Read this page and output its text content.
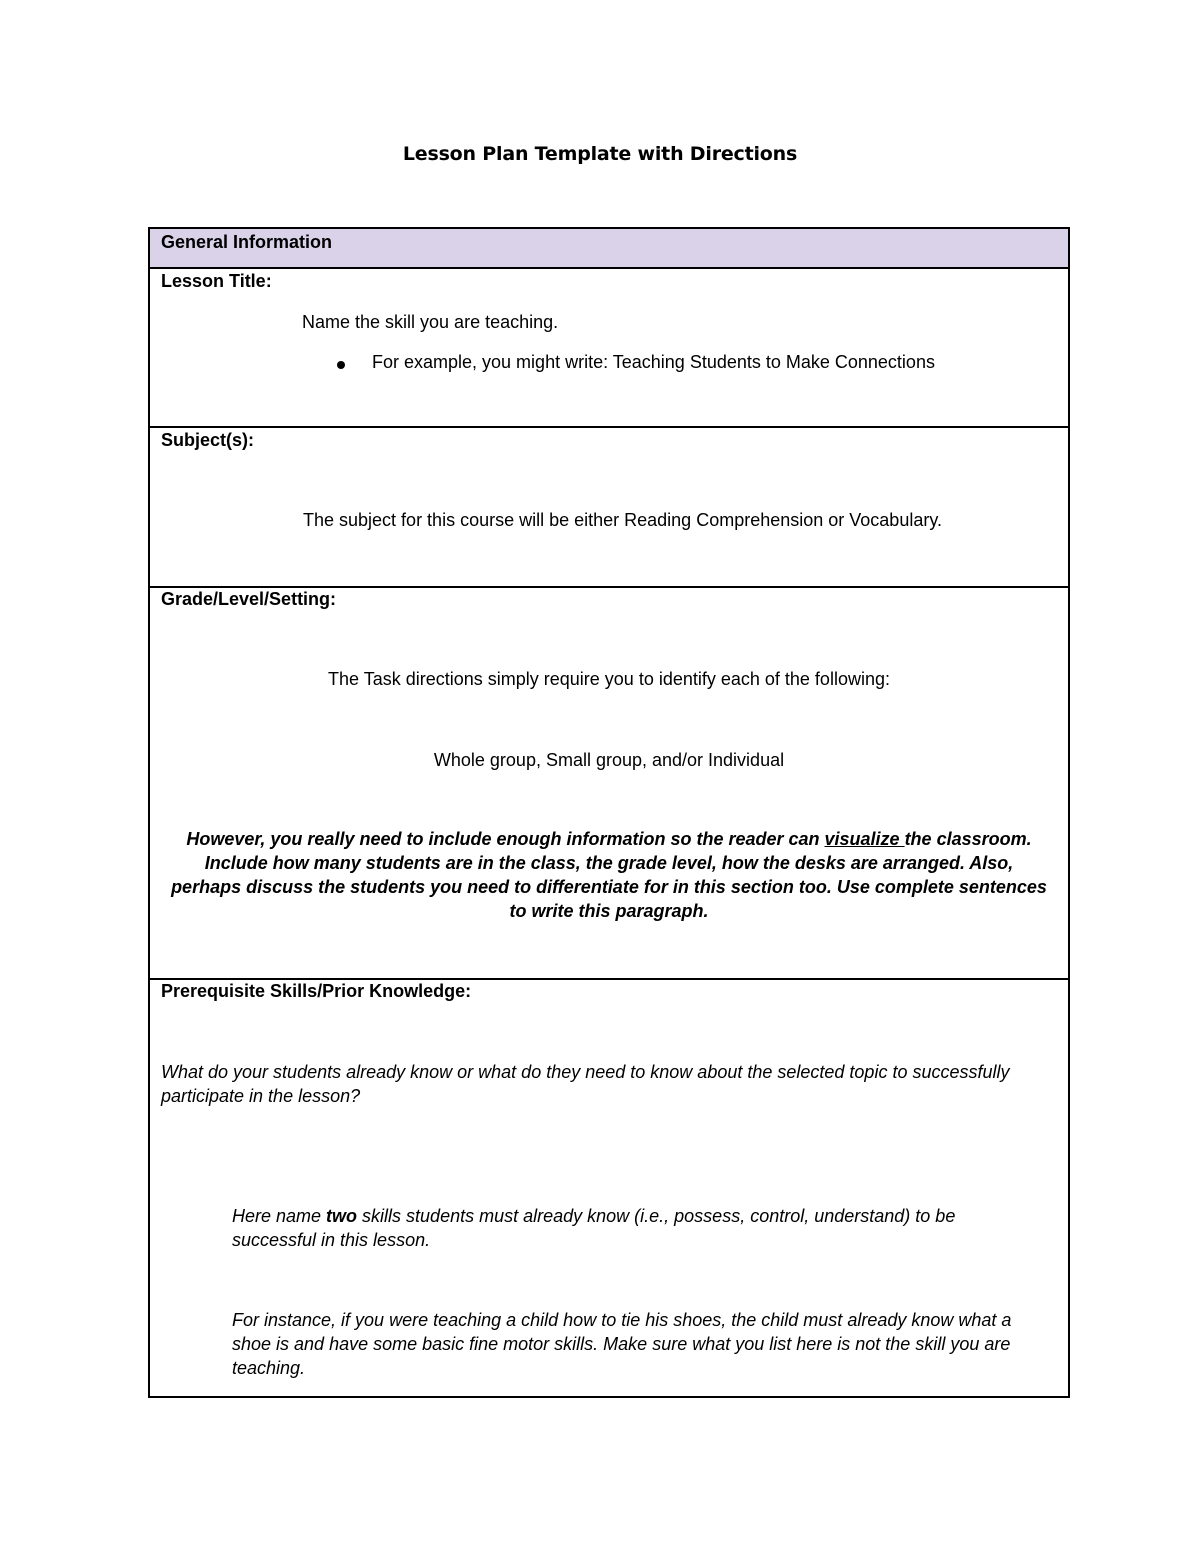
Lesson Plan Template with Directions
General Information
Lesson Title:
Name the skill you are teaching.
For example, you might write: Teaching Students to Make Connections
Subject(s):
The subject for this course will be either Reading Comprehension or Vocabulary.
Grade/Level/Setting:
The Task directions simply require you to identify each of the following:
Whole group, Small group, and/or Individual
However, you really need to include enough information so the reader can visualize the classroom. Include how many students are in the class, the grade level, how the desks are arranged. Also, perhaps discuss the students you need to differentiate for in this section too. Use complete sentences to write this paragraph.
Prerequisite Skills/Prior Knowledge:
What do your students already know or what do they need to know about the selected topic to successfully participate in the lesson?
Here name two skills students must already know (i.e., possess, control, understand) to be successful in this lesson.
For instance, if you were teaching a child how to tie his shoes, the child must already know what a shoe is and have some basic fine motor skills. Make sure what you list here is not the skill you are teaching.
